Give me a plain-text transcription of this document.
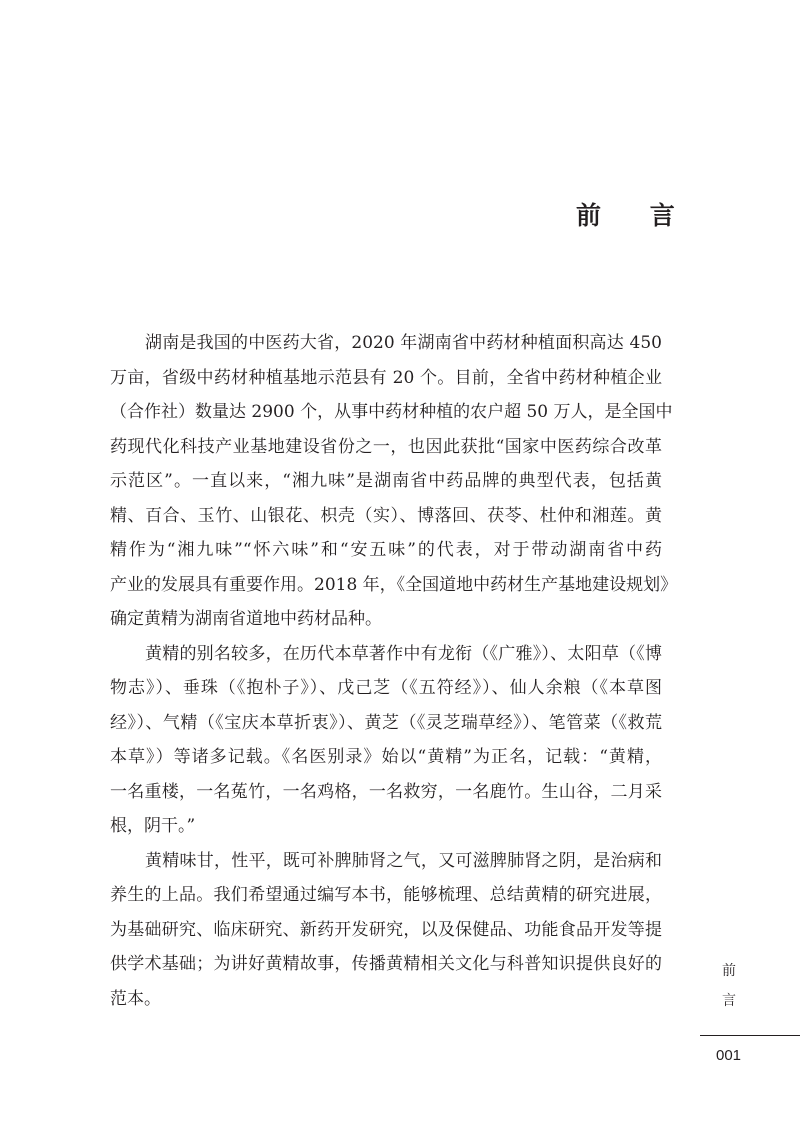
前 言
湖南是我国的中医药大省，2020 年湖南省中药材种植面积高达 450
万亩，省级中药材种植基地示范县有 20 个。目前，全省中药材种植企业
（合作社）数量达 2900 个，从事中药材种植的农户超 50 万人，是全国中
药现代化科技产业基地建设省份之一，也因此获批“国家中医药综合改革
示范区”。一直以来，“湘九味”是湖南省中药品牌的典型代表，包括黄
精、百合、玉竹、山银花、枳壳（实）、博落回、茯苓、杜仲和湘莲。黄
精作为“湘九味”“怀六味”和“安五味”的代表，对于带动湖南省中药
产业的发展具有重要作用。2018 年，《全国道地中药材生产基地建设规划》
确定黄精为湖南省道地中药材品种。
黄精的别名较多，在历代本草著作中有龙衔（《广雅》）、太阳草（《博
物志》）、垂珠（《抱朴子》）、戊己芝（《五符经》）、仙人余粮（《本草图
经》）、气精（《宝庆本草折衷》）、黄芝（《灵芝瑞草经》）、笔管菜（《救荒
本草》）等诸多记载。《名医别录》始以“黄精”为正名，记载：“黄精，
一名重楼，一名菟竹，一名鸡格，一名救穷，一名鹿竹。生山谷，二月采
根，阴干。”
黄精味甘，性平，既可补脾肺肾之气，又可滋脾肺肾之阴，是治病和
养生的上品。我们希望通过编写本书，能够梳理、总结黄精的研究进展，
为基础研究、临床研究、新药开发研究，以及保健品、功能食品开发等提
供学术基础；为讲好黄精故事，传播黄精相关文化与科普知识提供良好的
范本。
前
言
001
